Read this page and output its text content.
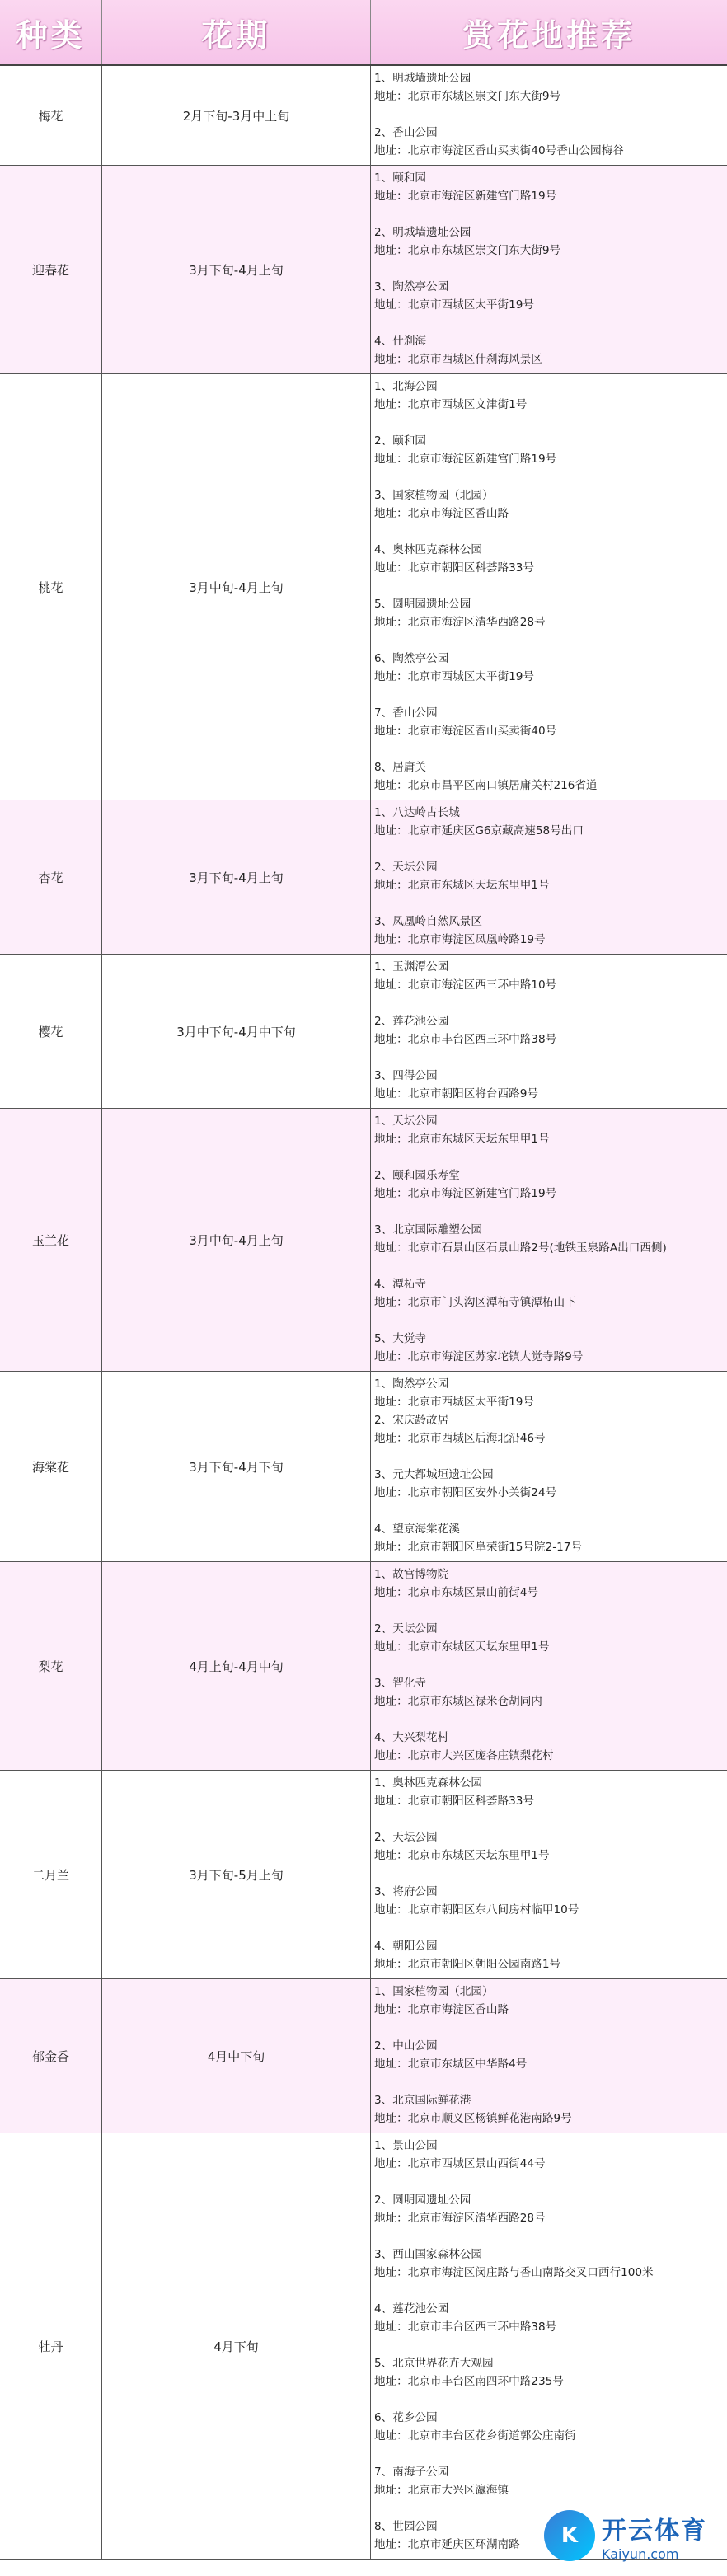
种类	花期	赏花地推荐
梅花	2月下旬-3月中上旬
1、明城墙遗址公园
地址：北京市东城区崇文门东大街9号
2、香山公园
地址：北京市海淀区香山买卖街40号香山公园梅谷
迎春花	3月下旬-4月上旬
1、颐和园
地址：北京市海淀区新建宫门路19号
2、明城墙遗址公园
地址：北京市东城区崇文门东大街9号
3、陶然亭公园
地址：北京市西城区太平街19号
4、什刹海
地址：北京市西城区什刹海风景区
桃花	3月中旬-4月上旬
1、北海公园
地址：北京市西城区文津街1号
2、颐和园
地址：北京市海淀区新建宫门路19号
3、国家植物园（北园）
地址：北京市海淀区香山路
4、奥林匹克森林公园
地址：北京市朝阳区科荟路33号
5、圆明园遗址公园
地址：北京市海淀区清华西路28号
6、陶然亭公园
地址：北京市西城区太平街19号
7、香山公园
地址：北京市海淀区香山买卖街40号
8、居庸关
地址：北京市昌平区南口镇居庸关村216省道
杏花	3月下旬-4月上旬
1、八达岭古长城
地址：北京市延庆区G6京藏高速58号出口
2、天坛公园
地址：北京市东城区天坛东里甲1号
3、凤凰岭自然风景区
地址：北京市海淀区凤凰岭路19号
樱花	3月中下旬-4月中下旬
1、玉渊潭公园
地址：北京市海淀区西三环中路10号
2、莲花池公园
地址：北京市丰台区西三环中路38号
3、四得公园
地址：北京市朝阳区将台西路9号
玉兰花	3月中旬-4月上旬
1、天坛公园
地址：北京市东城区天坛东里甲1号
2、颐和园乐寿堂
地址：北京市海淀区新建宫门路19号
3、北京国际雕塑公园
地址：北京市石景山区石景山路2号(地铁玉泉路A出口西侧)
4、潭柘寺
地址：北京市门头沟区潭柘寺镇潭柘山下
5、大觉寺
地址：北京市海淀区苏家坨镇大觉寺路9号
海棠花	3月下旬-4月下旬
1、陶然亭公园
地址：北京市西城区太平街19号
2、宋庆龄故居
地址：北京市西城区后海北沿46号
3、元大都城垣遗址公园
地址：北京市朝阳区安外小关街24号
4、望京海棠花溪
地址：北京市朝阳区阜荣街15号院2-17号
梨花	4月上旬-4月中旬
1、故宫博物院
地址：北京市东城区景山前街4号
2、天坛公园
地址：北京市东城区天坛东里甲1号
3、智化寺
地址：北京市东城区禄米仓胡同内
4、大兴梨花村
地址：北京市大兴区庞各庄镇梨花村
二月兰	3月下旬-5月上旬
1、奥林匹克森林公园
地址：北京市朝阳区科荟路33号
2、天坛公园
地址：北京市东城区天坛东里甲1号
3、将府公园
地址：北京市朝阳区东八间房村临甲10号
4、朝阳公园
地址：北京市朝阳区朝阳公园南路1号
郁金香	4月中下旬
1、国家植物园（北园）
地址：北京市海淀区香山路
2、中山公园
地址：北京市东城区中华路4号
3、北京国际鲜花港
地址：北京市顺义区杨镇鲜花港南路9号
牡丹	4月下旬
1、景山公园
地址：北京市西城区景山西街44号
2、圆明园遗址公园
地址：北京市海淀区清华西路28号
3、西山国家森林公园
地址：北京市海淀区闵庄路与香山南路交叉口西行100米
4、莲花池公园
地址：北京市丰台区西三环中路38号
5、北京世界花卉大观园
地址：北京市丰台区南四环中路235号
6、花乡公园
地址：北京市丰台区花乡街道郭公庄南街
7、南海子公园
地址：北京市大兴区瀛海镇
8、世园公园
地址：北京市延庆区环湖南路	K 开云体育
Kaiyun.com
